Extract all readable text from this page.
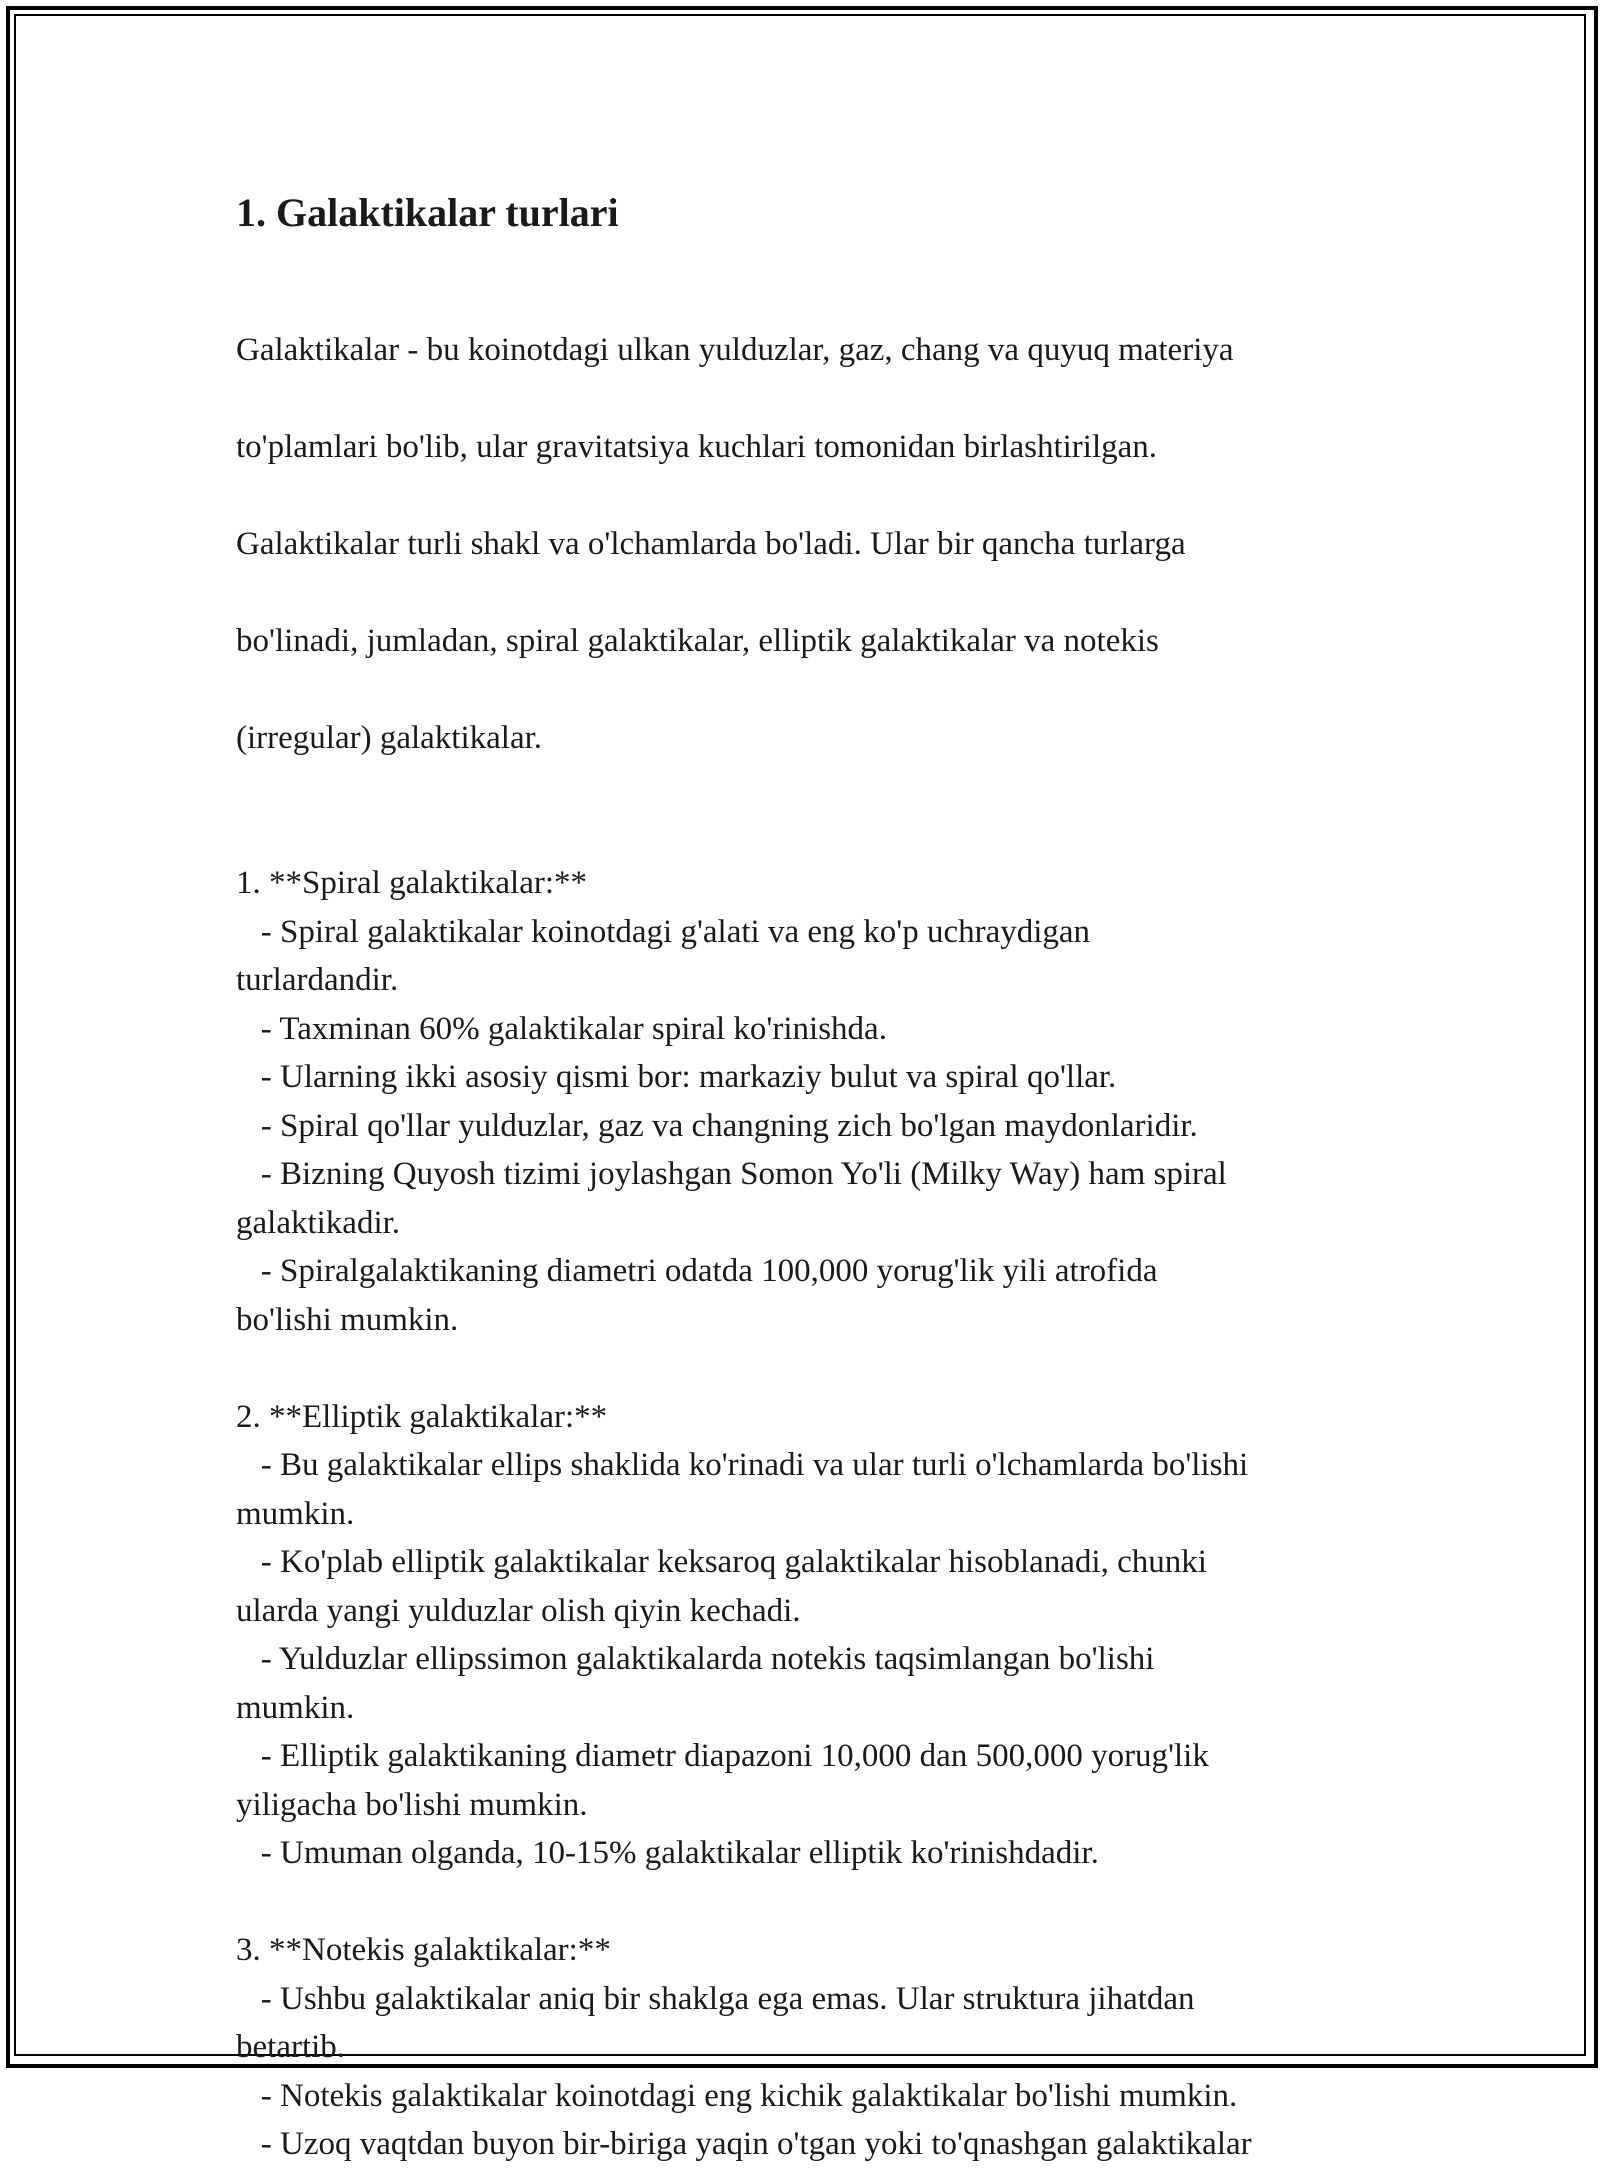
1. Galaktikalar turlari

Galaktikalar - bu koinotdagi ulkan yulduzlar, gaz, chang va quyuq materiya

to'plamlari bo'lib, ular gravitatsiya kuchlari tomonidan birlashtirilgan.

Galaktikalar turli shakl va o'lchamlarda bo'ladi. Ular bir qancha turlarga

bo'linadi, jumladan, spiral galaktikalar, elliptik galaktikalar va notekis

(irregular) galaktikalar.

1. **Spiral galaktikalar:**
- Spiral galaktikalar koinotdagi g'alati va eng ko'p uchraydigan
turlardandir.
- Taxminan 60% galaktikalar spiral ko'rinishda.
- Ularning ikki asosiy qismi bor: markaziy bulut va spiral qo'llar.
- Spiral qo'llar yulduzlar, gaz va changning zich bo'lgan maydonlaridir.
- Bizning Quyosh tizimi joylashgan Somon Yo'li (Milky Way) ham spiral
galaktikadir.
- Spiralgalaktikaning diametri odatda 100,000 yorug'lik yili atrofida
bo'lishi mumkin.
2. **Elliptik galaktikalar:**
- Bu galaktikalar ellips shaklida ko'rinadi va ular turli o'lchamlarda bo'lishi
mumkin.
- Ko'plab elliptik galaktikalar keksaroq galaktikalar hisoblanadi, chunki
ularda yangi yulduzlar olish qiyin kechadi.
- Yulduzlar ellipssimon galaktikalarda notekis taqsimlangan bo'lishi
mumkin.
- Elliptik galaktikaning diametr diapazoni 10,000 dan 500,000 yorug'lik
yiligacha bo'lishi mumkin.
- Umuman olganda, 10-15% galaktikalar elliptik ko'rinishdadir.
3. **Notekis galaktikalar:**
- Ushbu galaktikalar aniq bir shaklga ega emas. Ular struktura jihatdan
betartib.
- Notekis galaktikalar koinotdagi eng kichik galaktikalar bo'lishi mumkin.
- Uzoq vaqtdan buyon bir-biriga yaqin o'tgan yoki to'qnashgan galaktikalar
